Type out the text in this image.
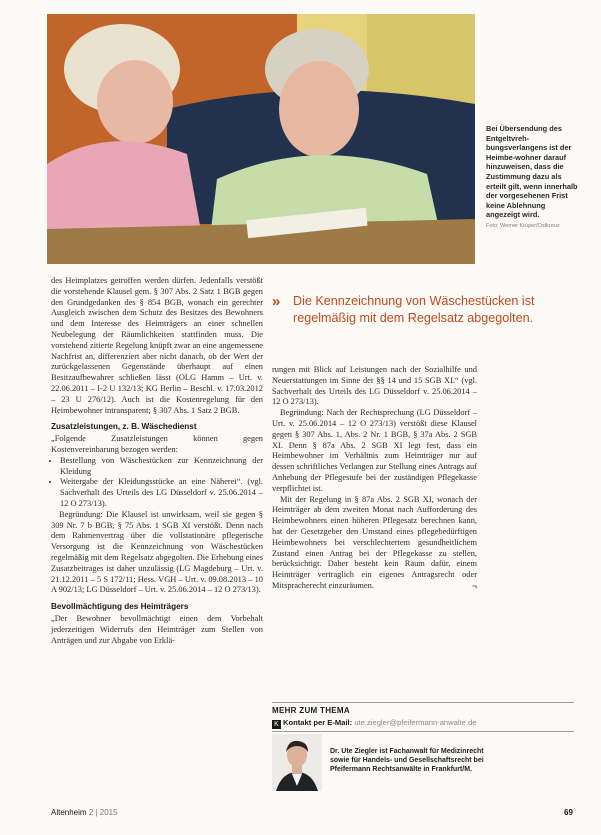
Bei Übersendung des Entgeltvreh-bungsverlangens ist der Heimbe-wohner darauf hinzuweisen, dass die Zustimmung dazu als erteilt gilt, wenn innerhalb der vorgesehenen Frist keine Ablehnung angezeigt wird.
Foto: Werner Krüper/Ostkreuz

des Heimplatzes getroffen werden dürfen. Jedenfalls verstößt die vorstehende Klausel gem. § 307 Abs. 2 Satz 1 BGB gegen den Grundgedanken des § 854 BGB, wonach ein gerechter Ausgleich zwischen dem Schutz des Besitzes des Bewohners und dem Interesse des Heimträgers an einer schnellen Neubelegung der Räumlichkeiten stattfinden muss. Die vorstehend zitierte Regelung knüpft zwar an eine angemessene Nachfrist an, differenziert aber nicht danach, ob der Wert der zurückgelassenen Gegenstände überhaupt auf einen Besitzaufbewahrer schließen lässt (OLG Hamm – Urt. v. 22.06.2011 – I-2 U 132/13; KG Berlin – Beschl. v. 17.03.2012 – 23 U 276/12). Auch ist die Kostenregelung für den Heimbewohner intransparent; § 307 Abs. 1 Satz 2 BGB.

Zusatzleistungen, z. B. Wäschedienst

„Folgende Zusatzleistungen können gegen Kostenvereinbarung bezogen werden:

• Bestellung von Wäschestücken zur Kennzeichnung der Kleidung
• Weitergabe der Kleidungsstücke an eine Näherei“. (vgl. Sachverhalt des Urteils des LG Düsseldorf v. 25.06.2014 – 12 O 273/13).

Begründung: Die Klausel ist unwirksam, weil sie gegen § 309 Nr. 7 b BGB, § 75 Abs. 1 SGB XI verstößt. Denn nach dem Rahmenvertrag über die vollstationäre pflegerische Versorgung ist die Kennzeichnung von Wäschestücken regelmäßig mit dem Regelsatz abgegolten. Die Erhebung eines Zusatzbeitrages ist daher unzulässig (LG Magdeburg – Urt. v. 21.12.2011 – 5 S 172/11; Hess. VGH – Urt. v. 09.08.2013 – 10 A 902/13; LG Düsseldorf – Urt. v. 25.06.2014 – 12 O 273/13).

Bevollmächtigung des Heimträgers

„Der Bewohner bevollmächtigt einen dem Vorbehalt jederzeitigen Widerrufs den Heimträger zum Stellen von Anträgen und zur Abgabe von Erklä-

»	Die Kennzeichnung von Wäschestücken ist regelmäßig mit dem Regelsatz abgegolten.

rungen mit Blick auf Leistungen nach der Sozialhilfe und Neuerstattungen im Sinne der §§ 14 und 15 SGB XI.“ (vgl. Sachverhalt des Urteils des LG Düsseldorf v. 25.06.2014 – 12 O 273/13).

Begründung: Nach der Rechtsprechung (LG Düsseldorf – Urt. v. 25.06.2014 – 12 O 273/13) verstößt diese Klausel gegen § 307 Abs. 1, Abs. 2 Nr. 1 BGB, § 37a Abs. 2 SGB XI. Denn § 87a Abs. 2 SGB XI legt fest, dass ein Heimbewohner im Verhältnis zum Heimträger nur auf dessen schriftliches Verlangen zur Stellung eines Antrags auf Anhebung der Pflegestufe bei der zuständigen Pflegekasse verpflichtet ist.

Mit der Regelung in § 87a Abs. 2 SGB XI, wonach der Heimträger ab dem zweiten Monat nach Aufforderung des Heimbewohners einen höheren Pflegesatz berechnen kann, hat der Gesetzgeber den Umstand eines pflegebedürftigen Heimbewohners bei verschlechtertem gesundheitlichem Zustand einen Antrag bei der Pflegekasse zu stellen, berücksichtigt. Daher besteht kein Raum dafür, einem Heimträger vertraglich ein eigenes Antragsrecht oder Mitspracherecht einzuräumen.	¬

MEHR ZUM THEMA
K Kontakt per E-Mail: ute.ziegler@pfeifermann-anwalte.de
Dr. Ute Ziegler ist Fachanwalt für Medizinrecht sowie für Handels- und Gesellschaftsrecht bei Pfeifermann Rechtsanwälte in Frankfurt/M.
Altenheim 2 | 2015	69
